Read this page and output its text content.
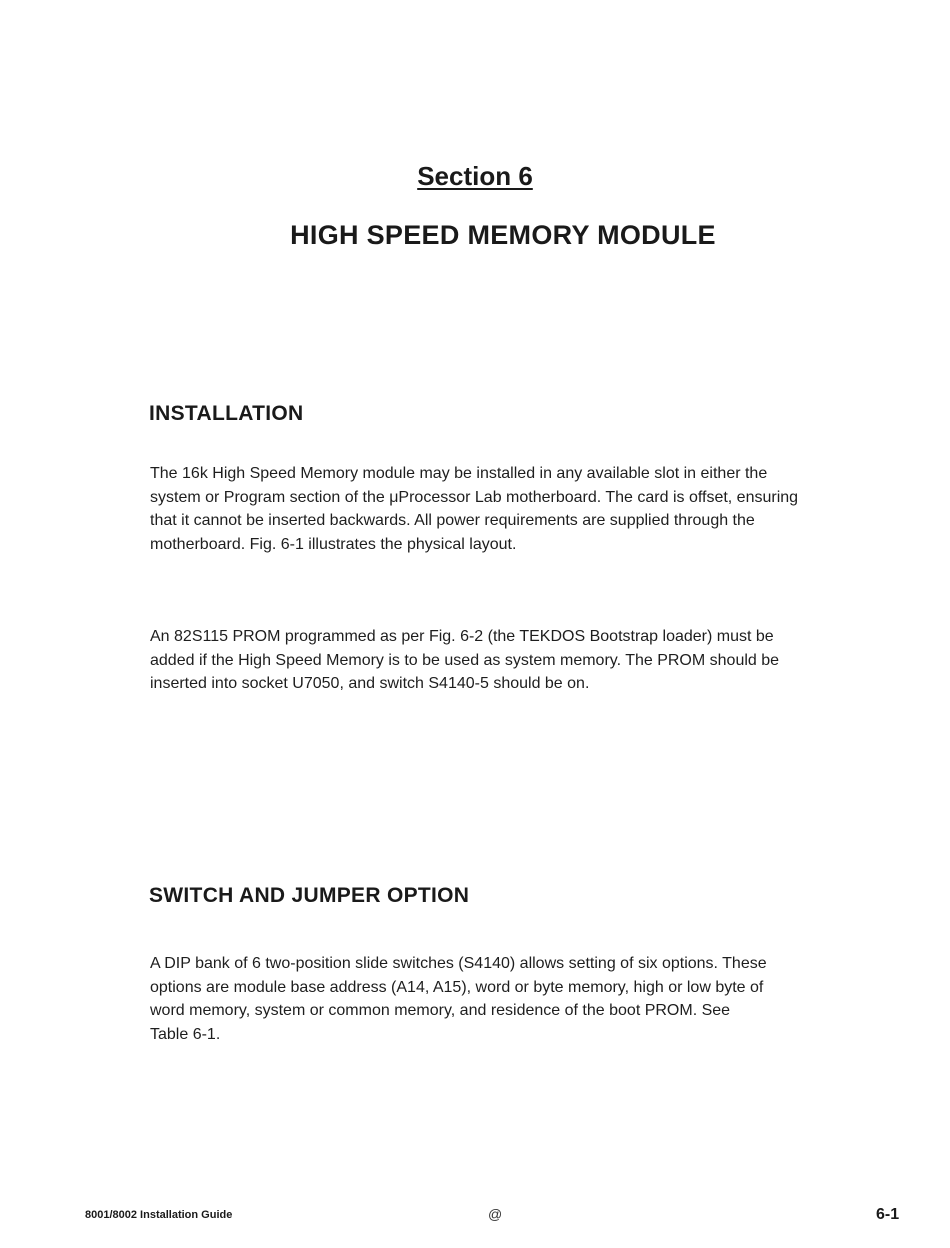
Section 6
HIGH SPEED MEMORY MODULE
INSTALLATION

The 16k High Speed Memory module may be installed in any available slot in either the
system or Program section of the μProcessor Lab motherboard. The card is offset, ensuring
that it cannot be inserted backwards. All power requirements are supplied through the
motherboard. Fig. 6-1 illustrates the physical layout.

An 82S115 PROM programmed as per Fig. 6-2 (the TEKDOS Bootstrap loader) must be
added if the High Speed Memory is to be used as system memory. The PROM should be
inserted into socket U7050, and switch S4140-5 should be on.

SWITCH AND JUMPER OPTION

A DIP bank of 6 two-position slide switches (S4140) allows setting of six options. These
options are module base address (A14, A15), word or byte memory, high or low byte of
word memory, system or common memory, and residence of the boot PROM. See
Table 6-1.

8001/8002 Installation Guide	@	6-1
